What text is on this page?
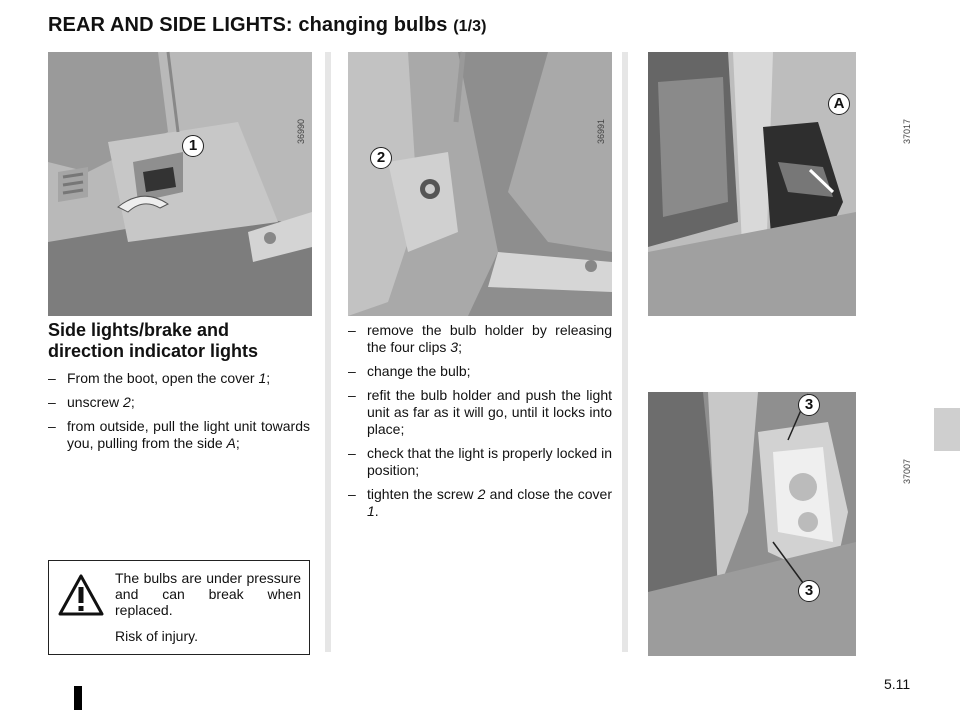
REAR AND SIDE LIGHTS: changing bulbs (1/3)
1
36990
2
36991
A
37017
3
3
37007
Side lights/brake and direction indicator lights
– From the boot, open the cover 1;
– unscrew 2;
– from outside, pull the light unit towards you, pulling from the side A;
– remove the bulb holder by releasing the four clips 3;
– change the bulb;
– refit the bulb holder and push the light unit as far as it will go, until it locks into place;
– check that the light is properly locked in position;
– tighten the screw 2 and close the cover 1.

The bulbs are under pressure and can break when replaced.

Risk of injury.

5.11
